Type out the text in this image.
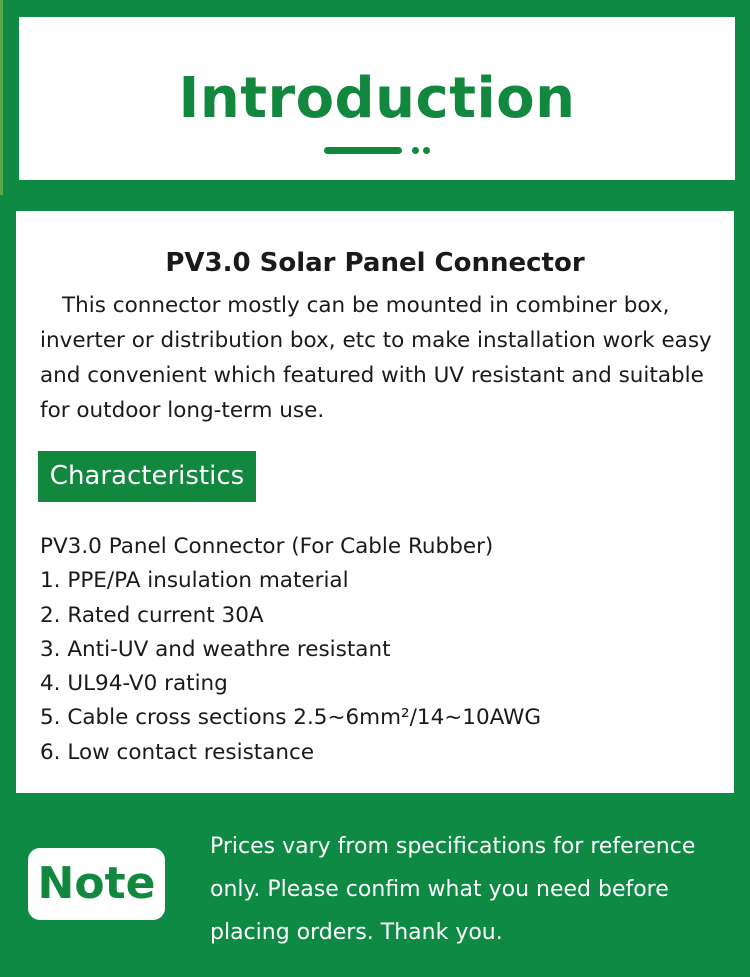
Introduction
PV3.0 Solar Panel Connector

This connector mostly can be mounted in combiner box, inverter or distribution box, etc to make installation work easy and convenient which featured with UV resistant and suitable for outdoor long-term use.

Characteristics
PV3.0 Panel Connector (For Cable Rubber)
1. PPE/PA insulation material
2. Rated current 30A
3. Anti-UV and weathre resistant
4. UL94-V0 rating
5. Cable cross sections 2.5~6mm²/14~10AWG
6. Low contact resistance
Note

Prices vary from specifications for reference only. Please confim what you need before placing orders. Thank you.
